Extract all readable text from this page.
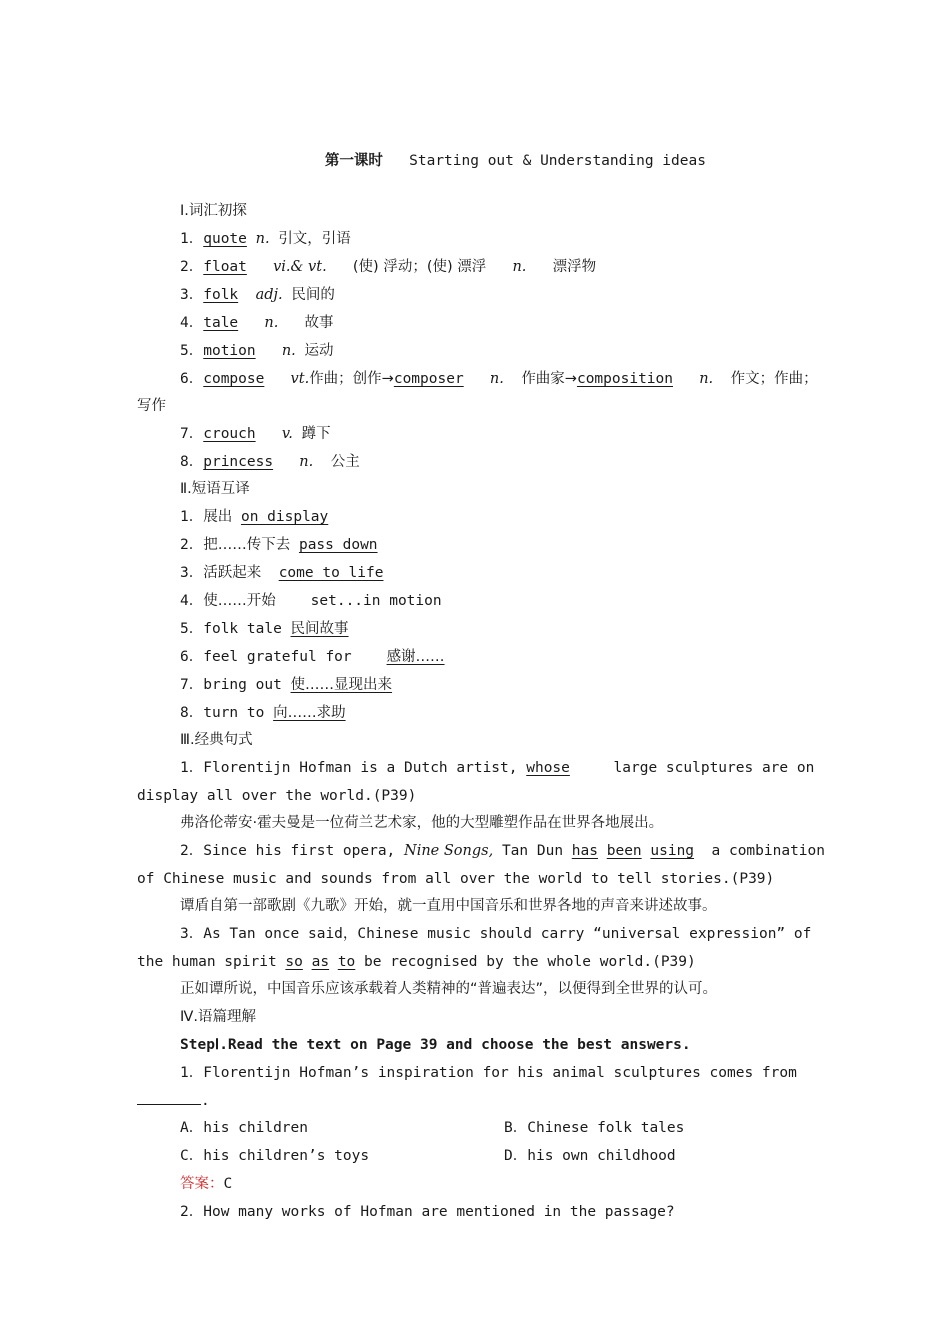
第一课时 Starting out & Understanding ideas

Ⅰ.词汇初探
1．quote n. 引文，引语
2．float vi.& vt. (使) 浮动；(使) 漂浮 n. 漂浮物
3．folk adj. 民间的
4．tale n. 故事
5．motion n. 运动
6．compose vt.作曲；创作→composer n. 作曲家→composition n. 作文；作曲；
写作
7．crouch v. 蹲下
8．princess n. 公主
Ⅱ.短语互译
1．展出 on display
2．把……传下去 pass down
3．活跃起来 come to life
4．使……开始 set...in motion
5．folk tale 民间故事
6．feel grateful for 感谢……
7．bring out 使……显现出来
8．turn to 向……求助
Ⅲ.经典句式
1．Florentijn Hofman is a Dutch artist, whose     large sculptures are on
display all over the world.(P39)
弗洛伦蒂安·霍夫曼是一位荷兰艺术家，他的大型雕塑作品在世界各地展出。
2．Since his first opera, Nine Songs, Tan Dun has been using  a combination
of Chinese music and sounds from all over the world to tell stories.(P39)
谭盾自第一部歌剧《九歌》开始，就一直用中国音乐和世界各地的声音来讲述故事。
3．As Tan once said，Chinese music should carry “universal expression” of
the human spirit so as to be recognised by the whole world.(P39)
正如谭所说，中国音乐应该承载着人类精神的“普遍表达”，以便得到全世界的认可。
Ⅳ.语篇理解
StepⅠ.Read the text on Page 39 and choose the best answers.
1．Florentijn Hofman’s inspiration for his animal sculptures comes from
.
A．his children	B．Chinese folk tales
C．his children’s toys	D．his own childhood
答案：C
2．How many works of Hofman are mentioned in the passage?
